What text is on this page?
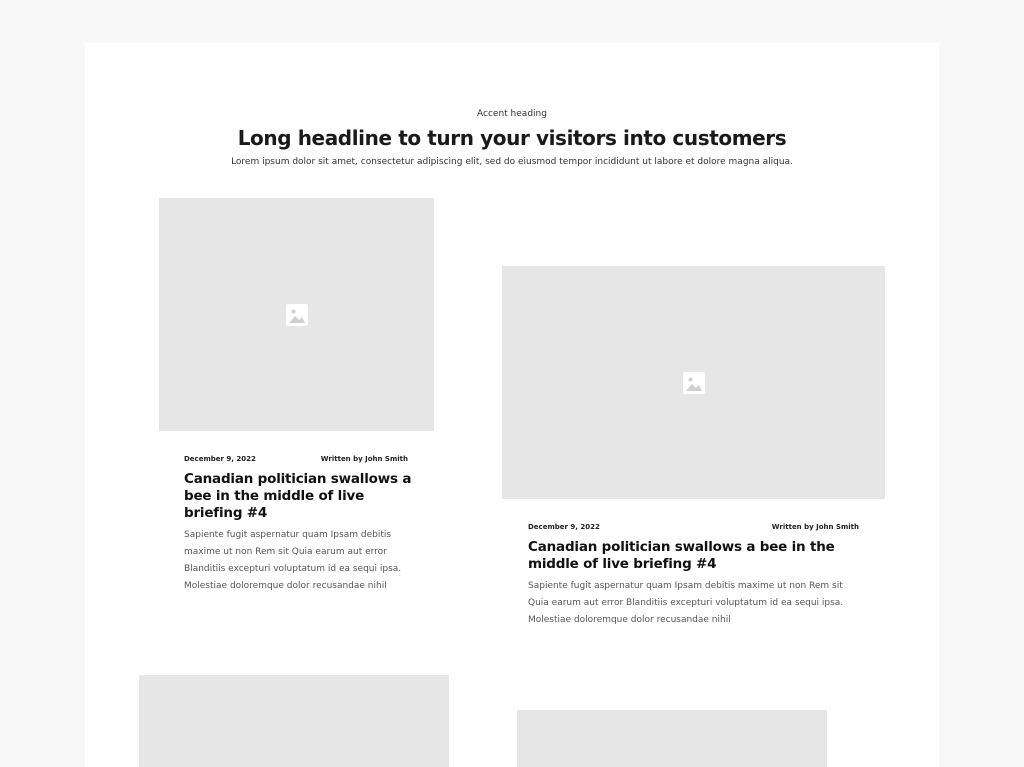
Accent heading
Long headline to turn your visitors into customers
Lorem ipsum dolor sit amet, consectetur adipiscing elit, sed do eiusmod tempor incididunt ut labore et dolore magna aliqua.
December 9, 2022	Written by John Smith
Canadian politician swallows a bee in the middle of live briefing #4
Sapiente fugit aspernatur quam Ipsam debitis maxime ut non Rem sit Quia earum aut error Blanditiis excepturi voluptatum id ea sequi ipsa. Molestiae doloremque dolor recusandae nihil
December 9, 2022	Written by John Smith
Canadian politician swallows a bee in the middle of live briefing #4
Sapiente fugit aspernatur quam Ipsam debitis maxime ut non Rem sit Quia earum aut error Blanditiis excepturi voluptatum id ea sequi ipsa. Molestiae doloremque dolor recusandae nihil
